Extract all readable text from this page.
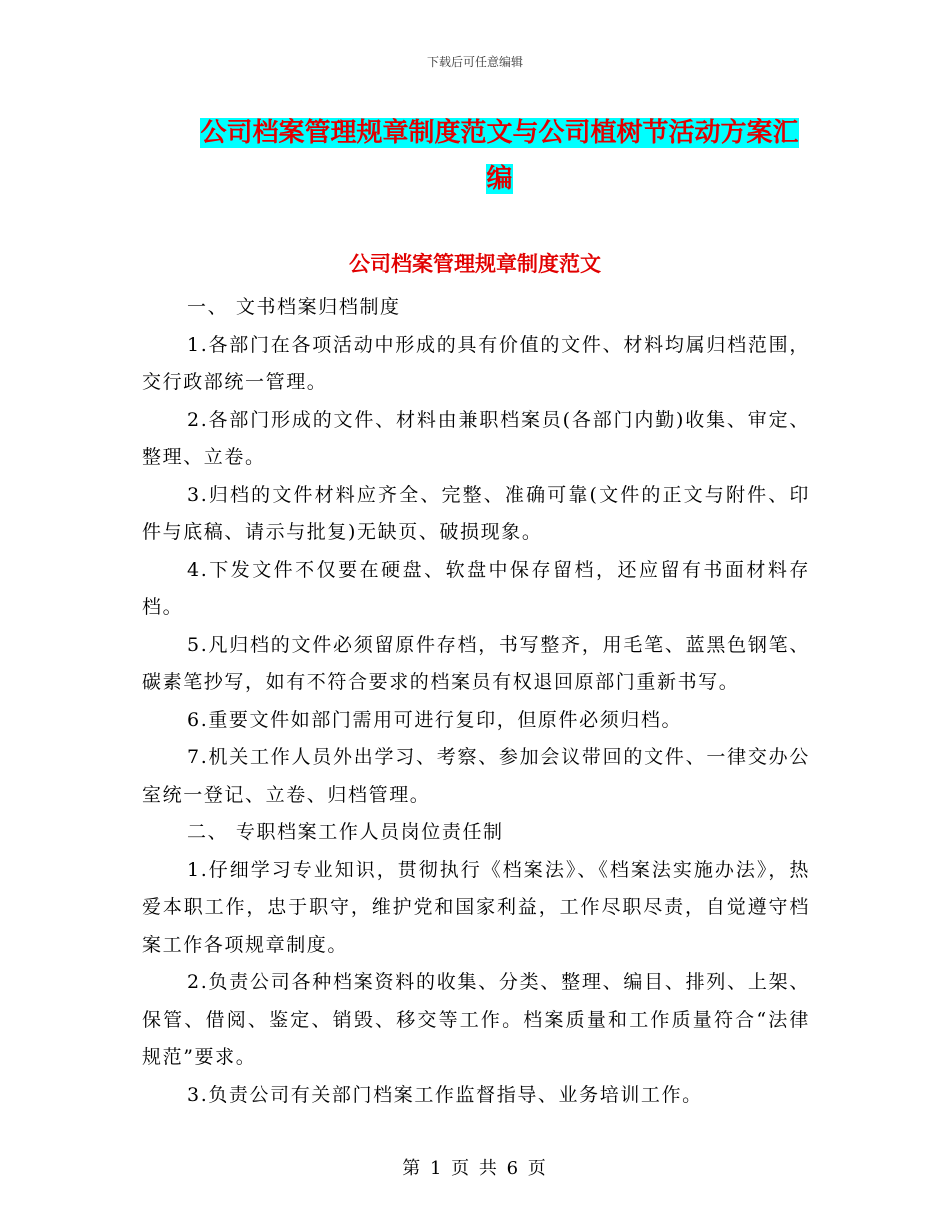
下载后可任意编辑
公司档案管理规章制度范文与公司植树节活动方案汇编
公司档案管理规章制度范文

一、 文书档案归档制度

1.各部门在各项活动中形成的具有价值的文件、材料均属归档范围，交行政部统一管理。

2.各部门形成的文件、材料由兼职档案员(各部门内勤)收集、审定、整理、立卷。

3.归档的文件材料应齐全、完整、准确可靠(文件的正文与附件、印件与底稿、请示与批复)无缺页、破损现象。

4.下发文件不仅要在硬盘、软盘中保存留档，还应留有书面材料存档。

5.凡归档的文件必须留原件存档，书写整齐，用毛笔、蓝黑色钢笔、碳素笔抄写，如有不符合要求的档案员有权退回原部门重新书写。

6.重要文件如部门需用可进行复印，但原件必须归档。

7.机关工作人员外出学习、考察、参加会议带回的文件、一律交办公室统一登记、立卷、归档管理。

二、 专职档案工作人员岗位责任制

1.仔细学习专业知识，贯彻执行《档案法》、《档案法实施办法》，热爱本职工作，忠于职守，维护党和国家利益，工作尽职尽责，自觉遵守档案工作各项规章制度。

2.负责公司各种档案资料的收集、分类、整理、编目、排列、上架、保管、借阅、鉴定、销毁、移交等工作。档案质量和工作质量符合“法律规范”要求。

3.负责公司有关部门档案工作监督指导、业务培训工作。

第 1 页 共 6 页
